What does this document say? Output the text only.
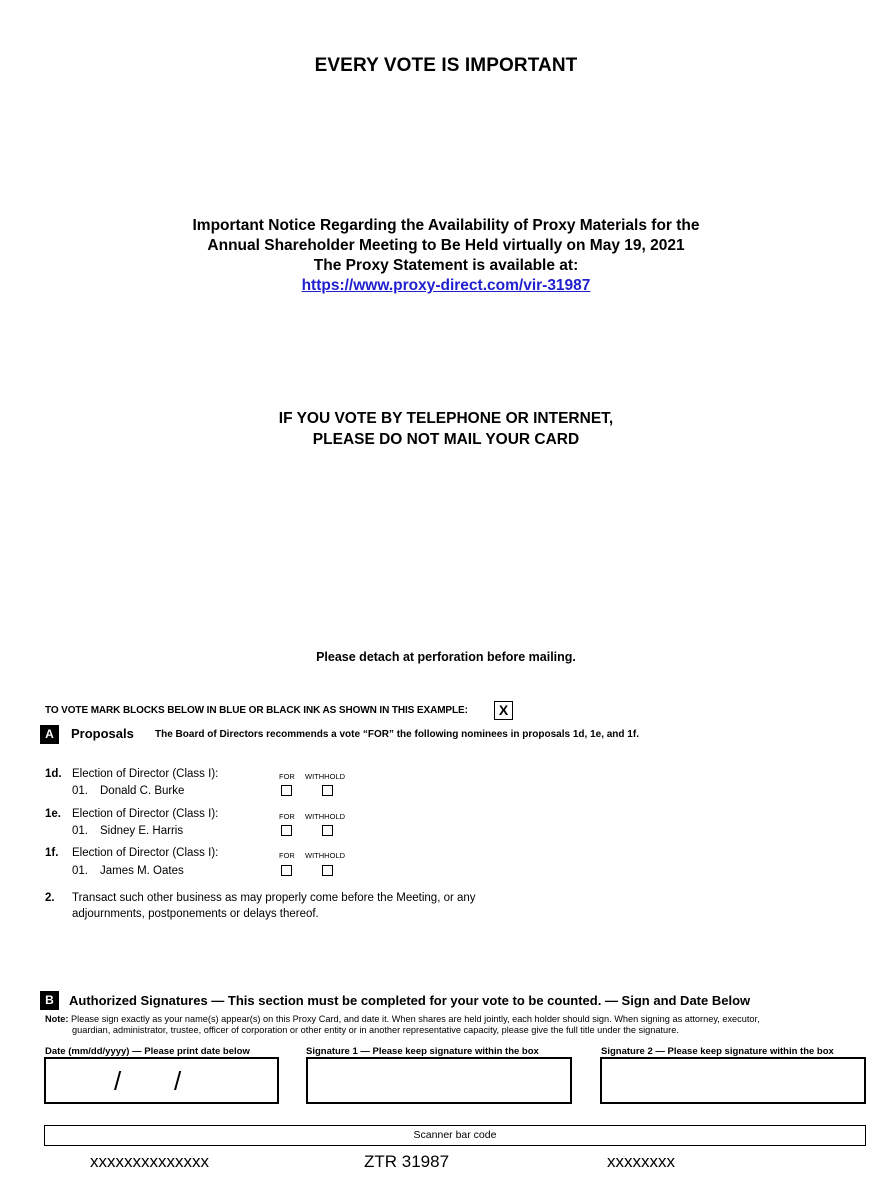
EVERY VOTE IS IMPORTANT
Important Notice Regarding the Availability of Proxy Materials for the
Annual Shareholder Meeting to Be Held virtually on May 19, 2021
The Proxy Statement is available at:
https://www.proxy-direct.com/vir-31987
IF YOU VOTE BY TELEPHONE OR INTERNET,
PLEASE DO NOT MAIL YOUR CARD
Please detach at perforation before mailing.
TO VOTE MARK BLOCKS BELOW IN BLUE OR BLACK INK AS SHOWN IN THIS EXAMPLE:	X
A	Proposals The Board of Directors recommends a vote “FOR” the following nominees in proposals 1d, 1e, and 1f.
1d. Election of Director (Class I):
01. Donald C. Burke
FOR WITHHOLD
1e. Election of Director (Class I):
01. Sidney E. Harris
FOR WITHHOLD
1f. Election of Director (Class I):
01. James M. Oates
FOR WITHHOLD
2. Transact such other business as may properly come before the Meeting, or any
adjournments, postponements or delays thereof.
B	Authorized Signatures — This section must be completed for your vote to be counted. — Sign and Date Below
Note: Please sign exactly as your name(s) appear(s) on this Proxy Card, and date it. When shares are held jointly, each holder should sign. When signing as attorney, executor,
guardian, administrator, trustee, officer of corporation or other entity or in another representative capacity, please give the full title under the signature.
Date (mm/dd/yyyy) — Please print date below	Signature 1 — Please keep signature within the box	Signature 2 — Please keep signature within the box
/ /
Scanner bar code
xxxxxxxxxxxxxx	ZTR 31987	xxxxxxxx
